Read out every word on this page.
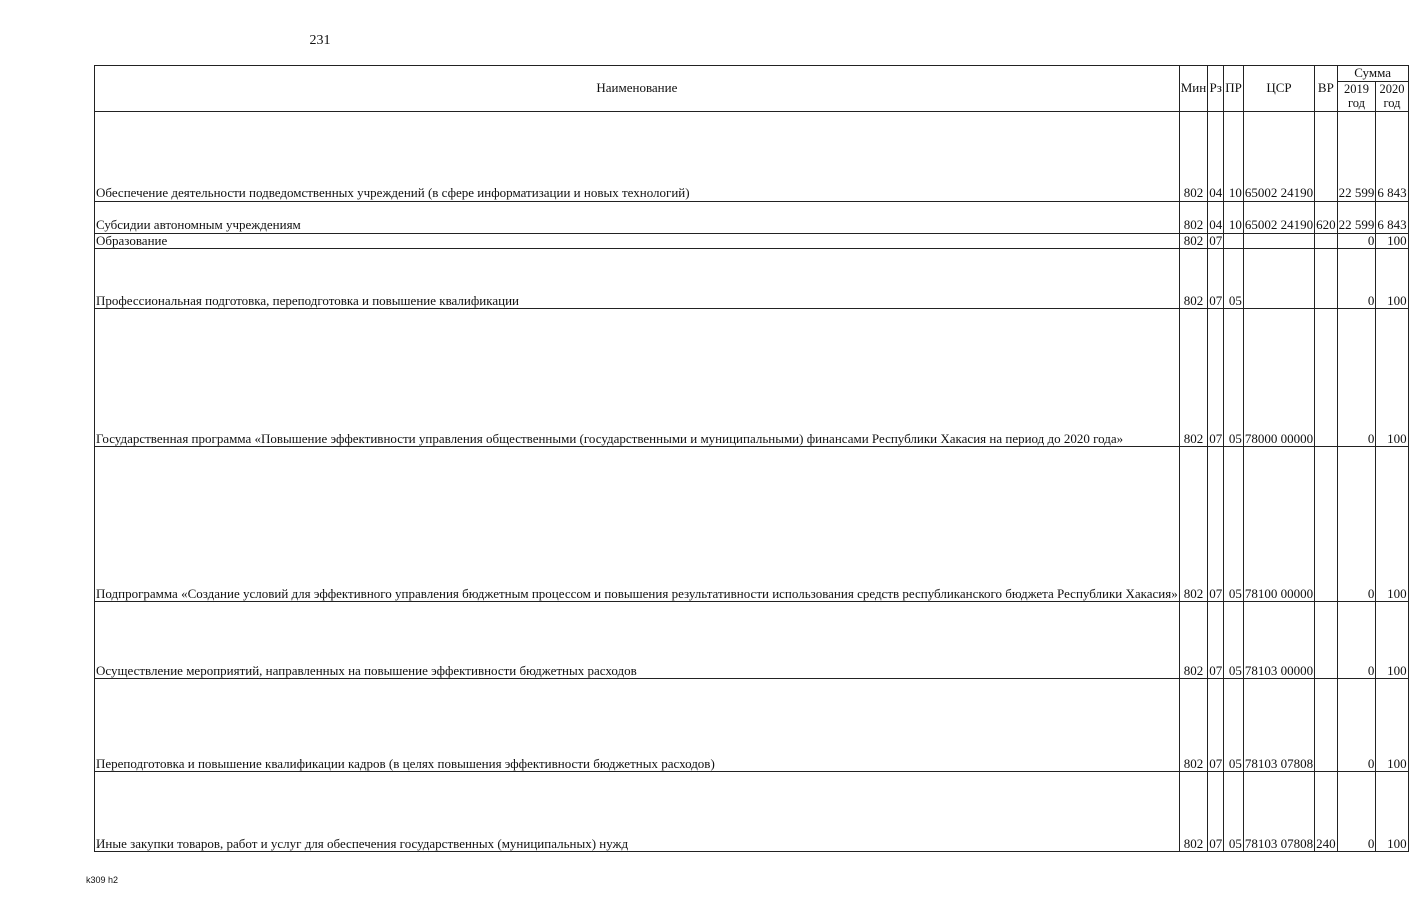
231
Наименование	Мин	Рз	ПР	ЦСР	ВР	Сумма	
						2019 год	2020 год
Обеспечение деятельности подведомственных учреждений (в сфере информатизации и новых технологий)	802	04	10	65002 24190		22 599	6 843
Субсидии автономным учреждениям	802	04	10	65002 24190	620	22 599	6 843
Образование	802	07				0	100
Профессиональная подготовка, переподготовка и повышение квалификации	802	07	05			0	100
Государственная программа «Повышение эффективности управления общественными (государственными и муниципальными) финансами Республики Хакасия на период до 2020 года»	802	07	05	78000 00000		0	100
Подпрограмма «Создание условий для эффективного управления бюджетным процессом и повышения результативности использования средств республиканского бюджета Республики Хакасия»	802	07	05	78100 00000		0	100
Осуществление мероприятий, направленных на повышение эффективности бюджетных расходов	802	07	05	78103 00000		0	100
Переподготовка и повышение квалификации кадров (в целях повышения эффективности бюджетных расходов)	802	07	05	78103 07808		0	100
Иные закупки товаров, работ и услуг для обеспечения государственных (муниципальных) нужд	802	07	05	78103 07808	240	0	100
k309 h2
